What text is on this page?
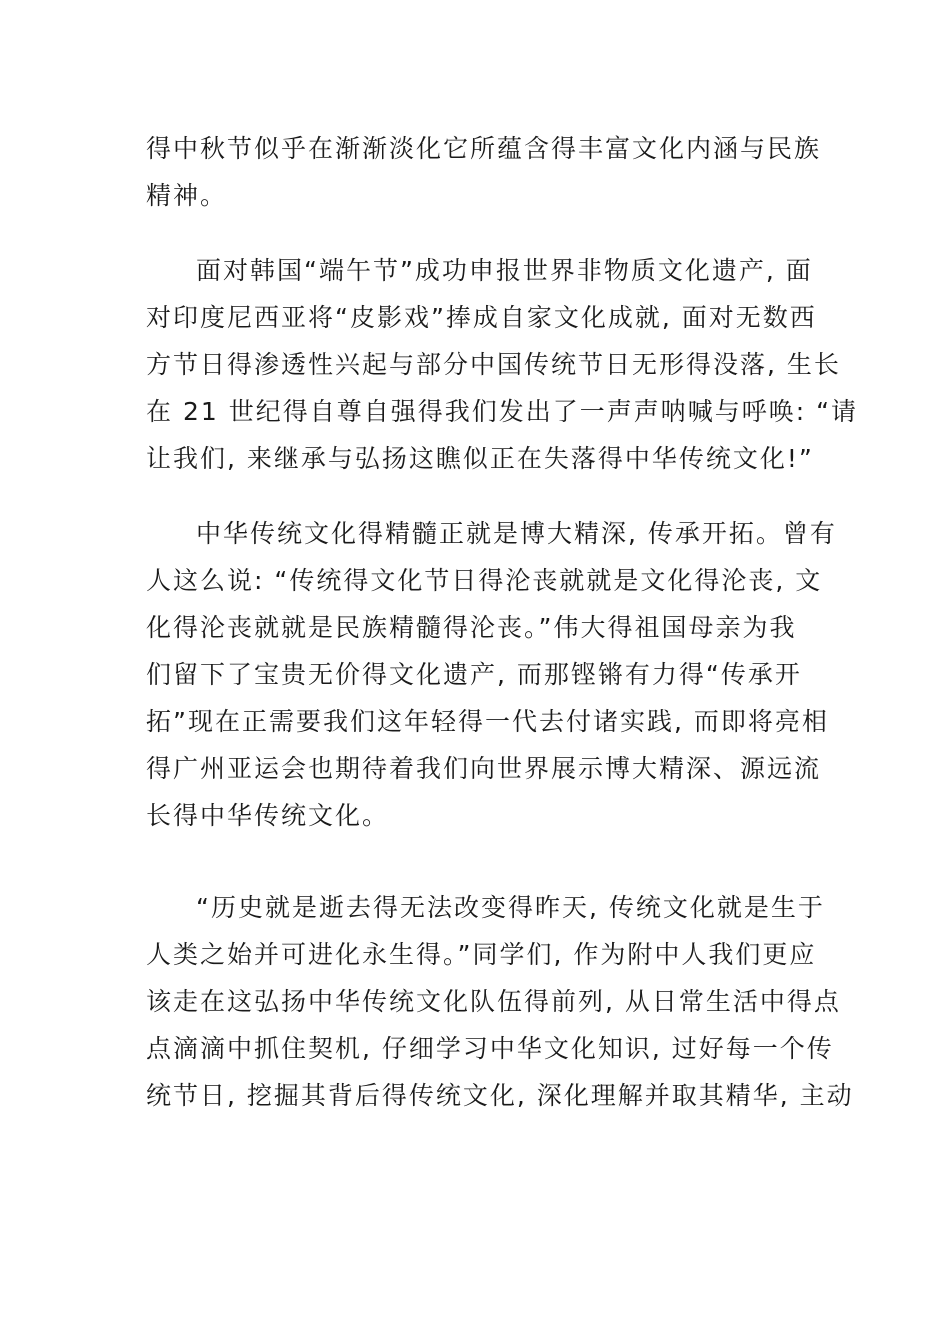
得中秋节似乎在渐渐淡化它所蕴含得丰富文化内涵与民族
精神。
面对韩国“端午节”成功申报世界非物质文化遗产, 面
对印度尼西亚将“皮影戏”捧成自家文化成就, 面对无数西
方节日得渗透性兴起与部分中国传统节日无形得没落, 生长
在 21 世纪得自尊自强得我们发出了一声声呐喊与呼唤: “请
让我们, 来继承与弘扬这瞧似正在失落得中华传统文化!”
中华传统文化得精髓正就是博大精深, 传承开拓。曾有
人这么说: “传统得文化节日得沦丧就就是文化得沦丧, 文
化得沦丧就就是民族精髓得沦丧。”伟大得祖国母亲为我
们留下了宝贵无价得文化遗产, 而那铿锵有力得“传承开
拓”现在正需要我们这年轻得一代去付诸实践, 而即将亮相
得广州亚运会也期待着我们向世界展示博大精深、源远流
长得中华传统文化。
“历史就是逝去得无法改变得昨天, 传统文化就是生于
人类之始并可进化永生得。”同学们, 作为附中人我们更应
该走在这弘扬中华传统文化队伍得前列, 从日常生活中得点
点滴滴中抓住契机, 仔细学习中华文化知识, 过好每一个传
统节日, 挖掘其背后得传统文化, 深化理解并取其精华, 主动
